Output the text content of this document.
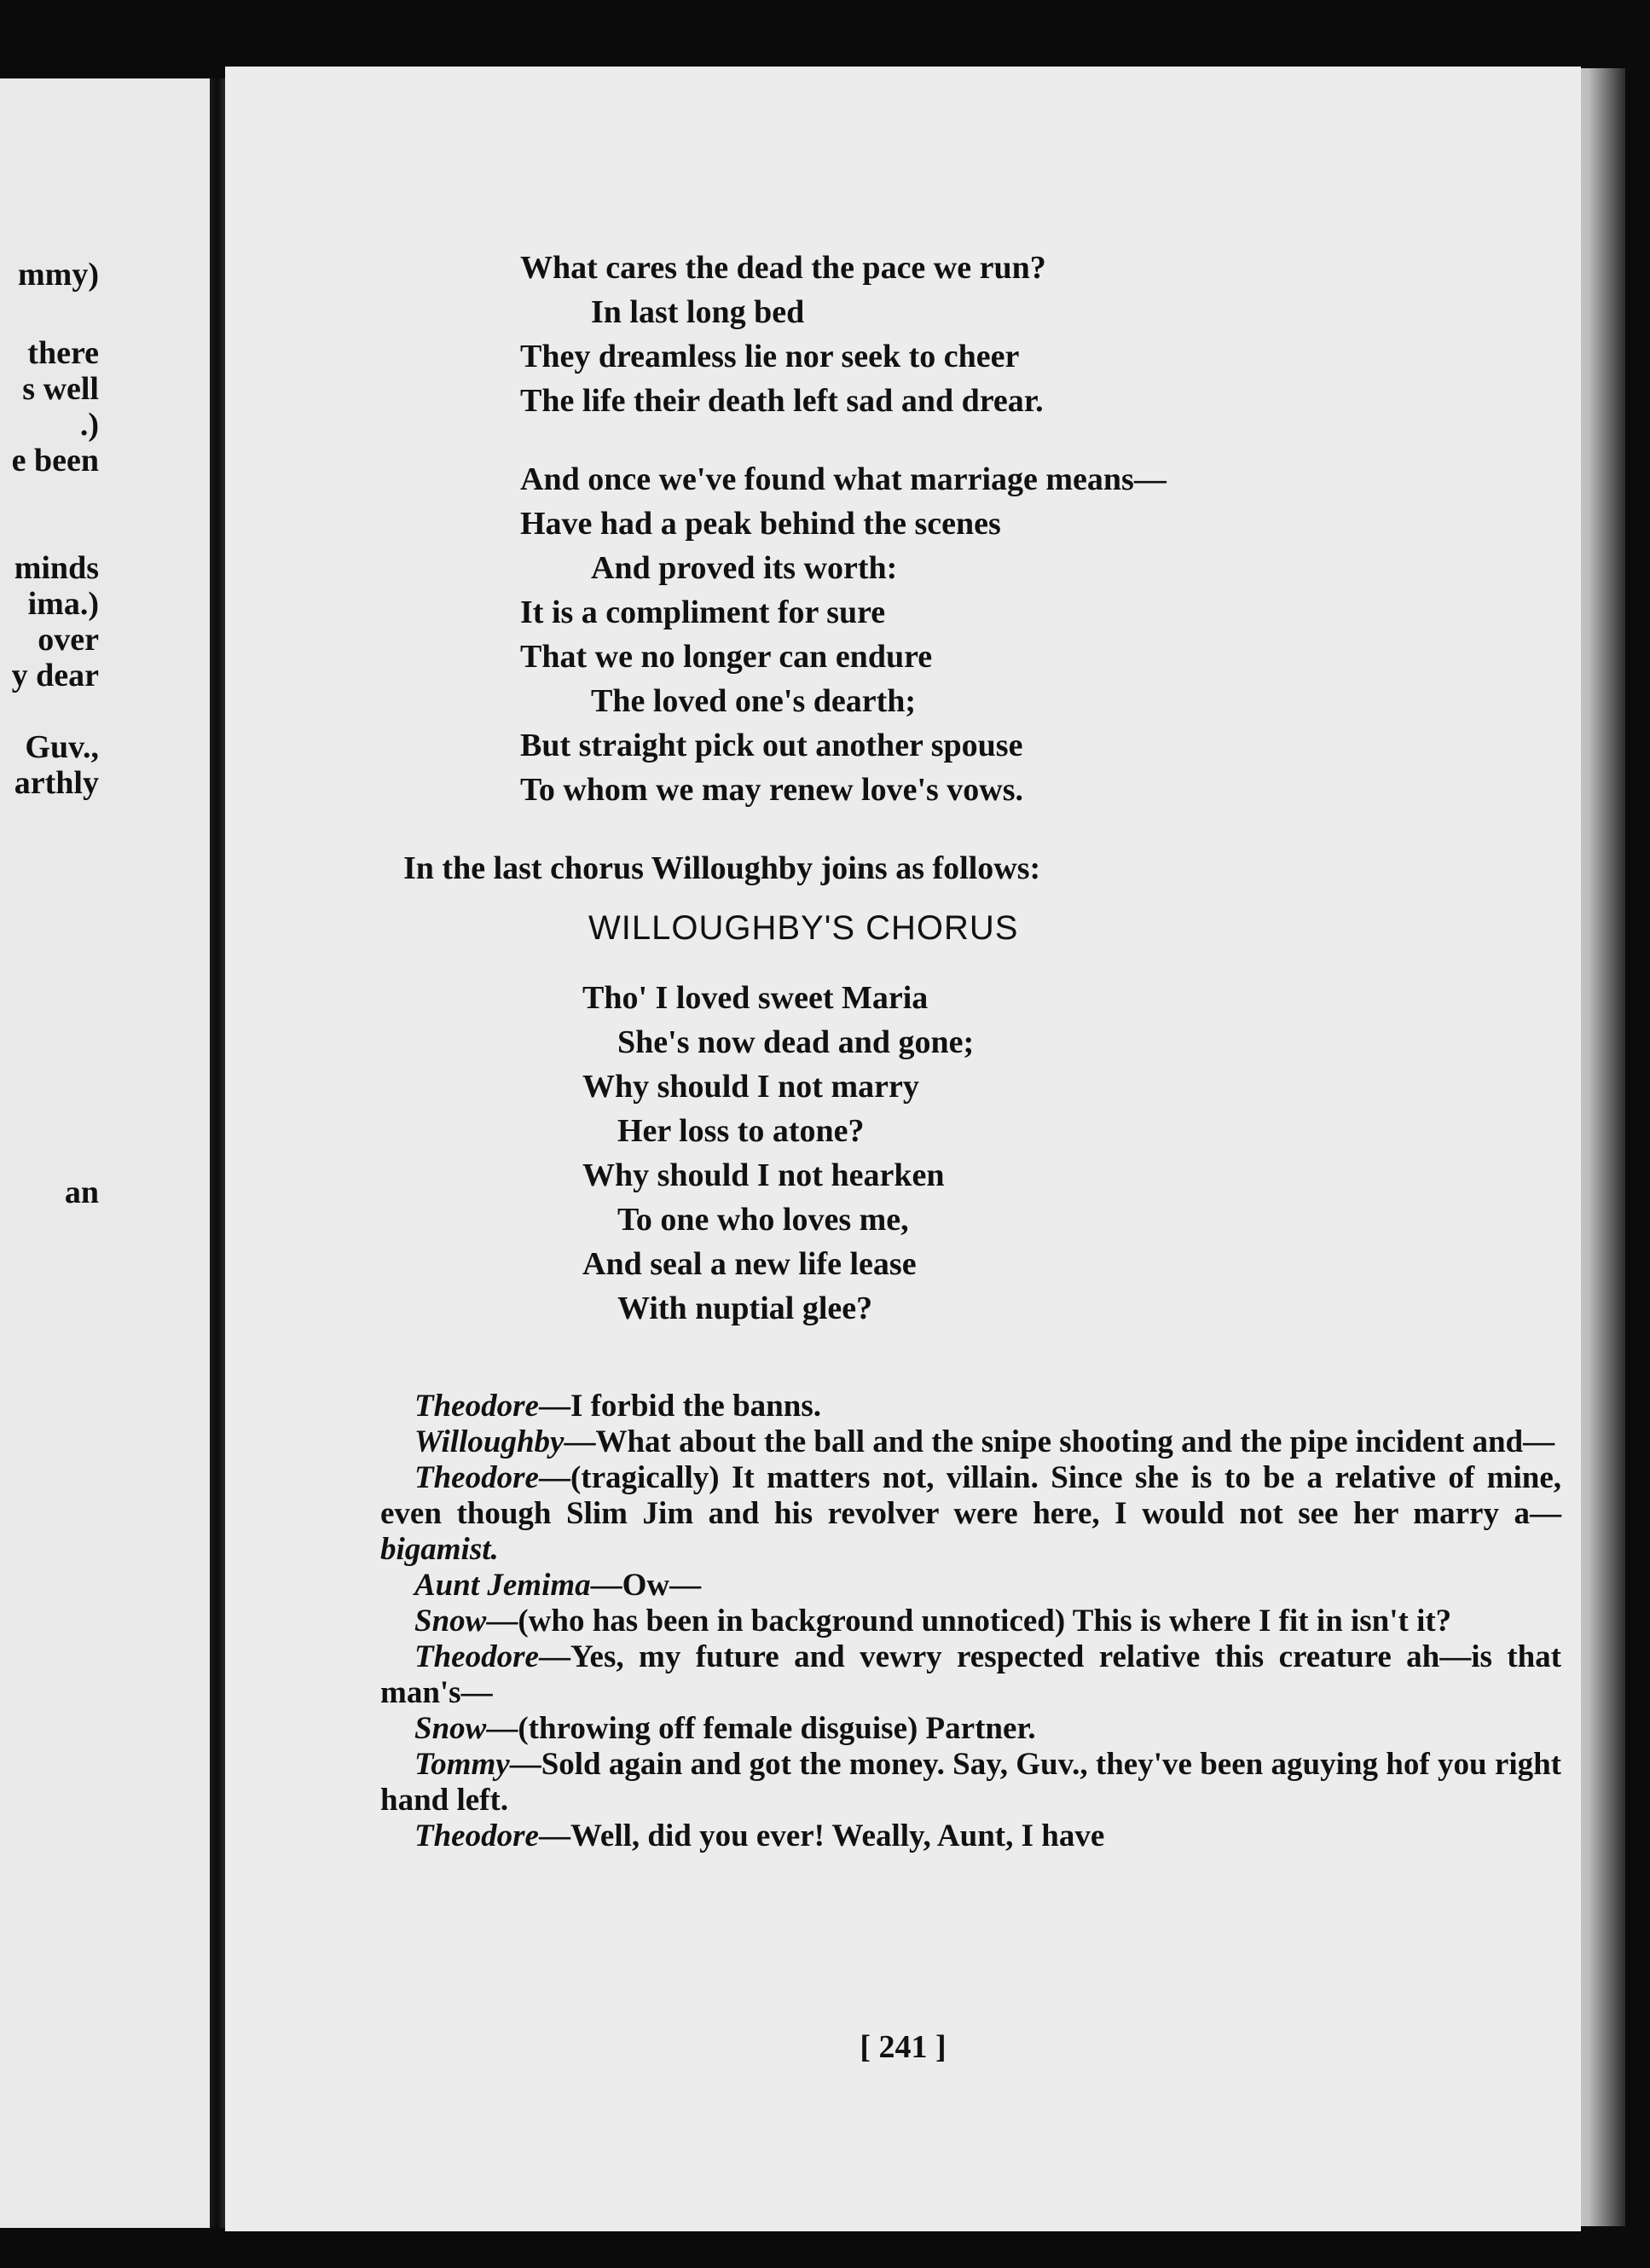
mmy)
there
s well
.)
e been
minds
ima.)
over
y dear
Guv.,
arthly
an
What cares the dead the pace we run?
In last long bed
They dreamless lie nor seek to cheer
The life their death left sad and drear.
And once we've found what marriage means—
Have had a peak behind the scenes
And proved its worth:
It is a compliment for sure
That we no longer can endure
The loved one's dearth;
But straight pick out another spouse
To whom we may renew love's vows.
In the last chorus Willoughby joins as follows:
WILLOUGHBY'S CHORUS
Tho' I loved sweet Maria
She's now dead and gone;
Why should I not marry
Her loss to atone?
Why should I not hearken
To one who loves me,
And seal a new life lease
With nuptial glee?

Theodore—I forbid the banns.

Willoughby—What about the ball and the snipe shooting and the pipe incident and—

Theodore—(tragically) It matters not, villain. Since she is to be a relative of mine, even though Slim Jim and his revolver were here, I would not see her marry a—bigamist.

Aunt Jemima—Ow—

Snow—(who has been in background unnoticed) This is where I fit in isn't it?

Theodore—Yes, my future and vewry respected relative this creature ah—is that man's—

Snow—(throwing off female disguise) Partner.

Tommy—Sold again and got the money. Say, Guv., they've been aguying hof you right hand left.

Theodore—Well, did you ever! Weally, Aunt, I have

[ 241 ]
